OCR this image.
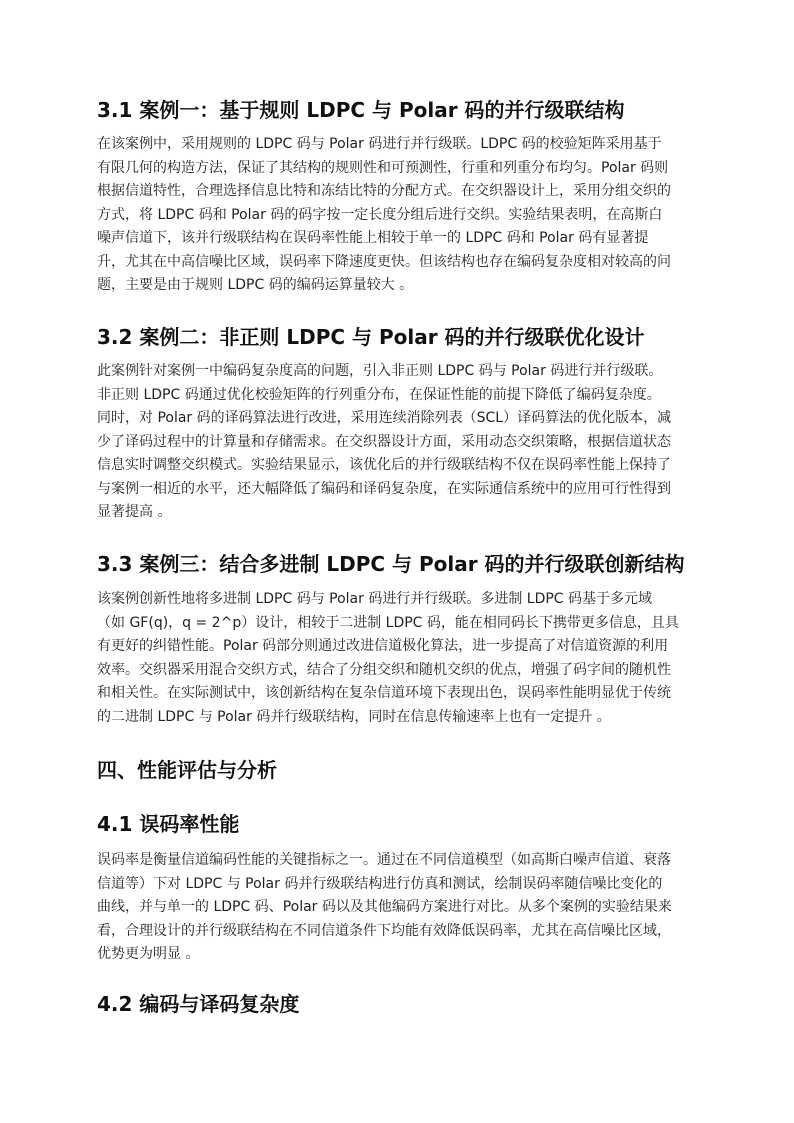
3.1 案例一：基于规则 LDPC 与 Polar 码的并行级联结构
在该案例中，采用规则的 LDPC 码与 Polar 码进行并行级联。LDPC 码的校验矩阵采用基于
有限几何的构造方法，保证了其结构的规则性和可预测性，行重和列重分布均匀。Polar 码则
根据信道特性，合理选择信息比特和冻结比特的分配方式。在交织器设计上，采用分组交织的
方式，将 LDPC 码和 Polar 码的码字按一定长度分组后进行交织。实验结果表明，在高斯白
噪声信道下，该并行级联结构在误码率性能上相较于单一的 LDPC 码和 Polar 码有显著提
升，尤其在中高信噪比区域，误码率下降速度更快。但该结构也存在编码复杂度相对较高的问
题，主要是由于规则 LDPC 码的编码运算量较大 。
3.2 案例二：非正则 LDPC 与 Polar 码的并行级联优化设计
此案例针对案例一中编码复杂度高的问题，引入非正则 LDPC 码与 Polar 码进行并行级联。
非正则 LDPC 码通过优化校验矩阵的行列重分布，在保证性能的前提下降低了编码复杂度。
同时，对 Polar 码的译码算法进行改进，采用连续消除列表（SCL）译码算法的优化版本，减
少了译码过程中的计算量和存储需求。在交织器设计方面，采用动态交织策略，根据信道状态
信息实时调整交织模式。实验结果显示，该优化后的并行级联结构不仅在误码率性能上保持了
与案例一相近的水平，还大幅降低了编码和译码复杂度，在实际通信系统中的应用可行性得到
显著提高 。
3.3 案例三：结合多进制 LDPC 与 Polar 码的并行级联创新结构
该案例创新性地将多进制 LDPC 码与 Polar 码进行并行级联。多进制 LDPC 码基于多元域
（如 GF(q)，q = 2^p）设计，相较于二进制 LDPC 码，能在相同码长下携带更多信息，且具
有更好的纠错性能。Polar 码部分则通过改进信道极化算法，进一步提高了对信道资源的利用
效率。交织器采用混合交织方式，结合了分组交织和随机交织的优点，增强了码字间的随机性
和相关性。在实际测试中，该创新结构在复杂信道环境下表现出色，误码率性能明显优于传统
的二进制 LDPC 与 Polar 码并行级联结构，同时在信息传输速率上也有一定提升 。
四、性能评估与分析
4.1 误码率性能
误码率是衡量信道编码性能的关键指标之一。通过在不同信道模型（如高斯白噪声信道、衰落
信道等）下对 LDPC 与 Polar 码并行级联结构进行仿真和测试，绘制误码率随信噪比变化的
曲线，并与单一的 LDPC 码、Polar 码以及其他编码方案进行对比。从多个案例的实验结果来
看，合理设计的并行级联结构在不同信道条件下均能有效降低误码率，尤其在高信噪比区域，
优势更为明显 。
4.2 编码与译码复杂度
